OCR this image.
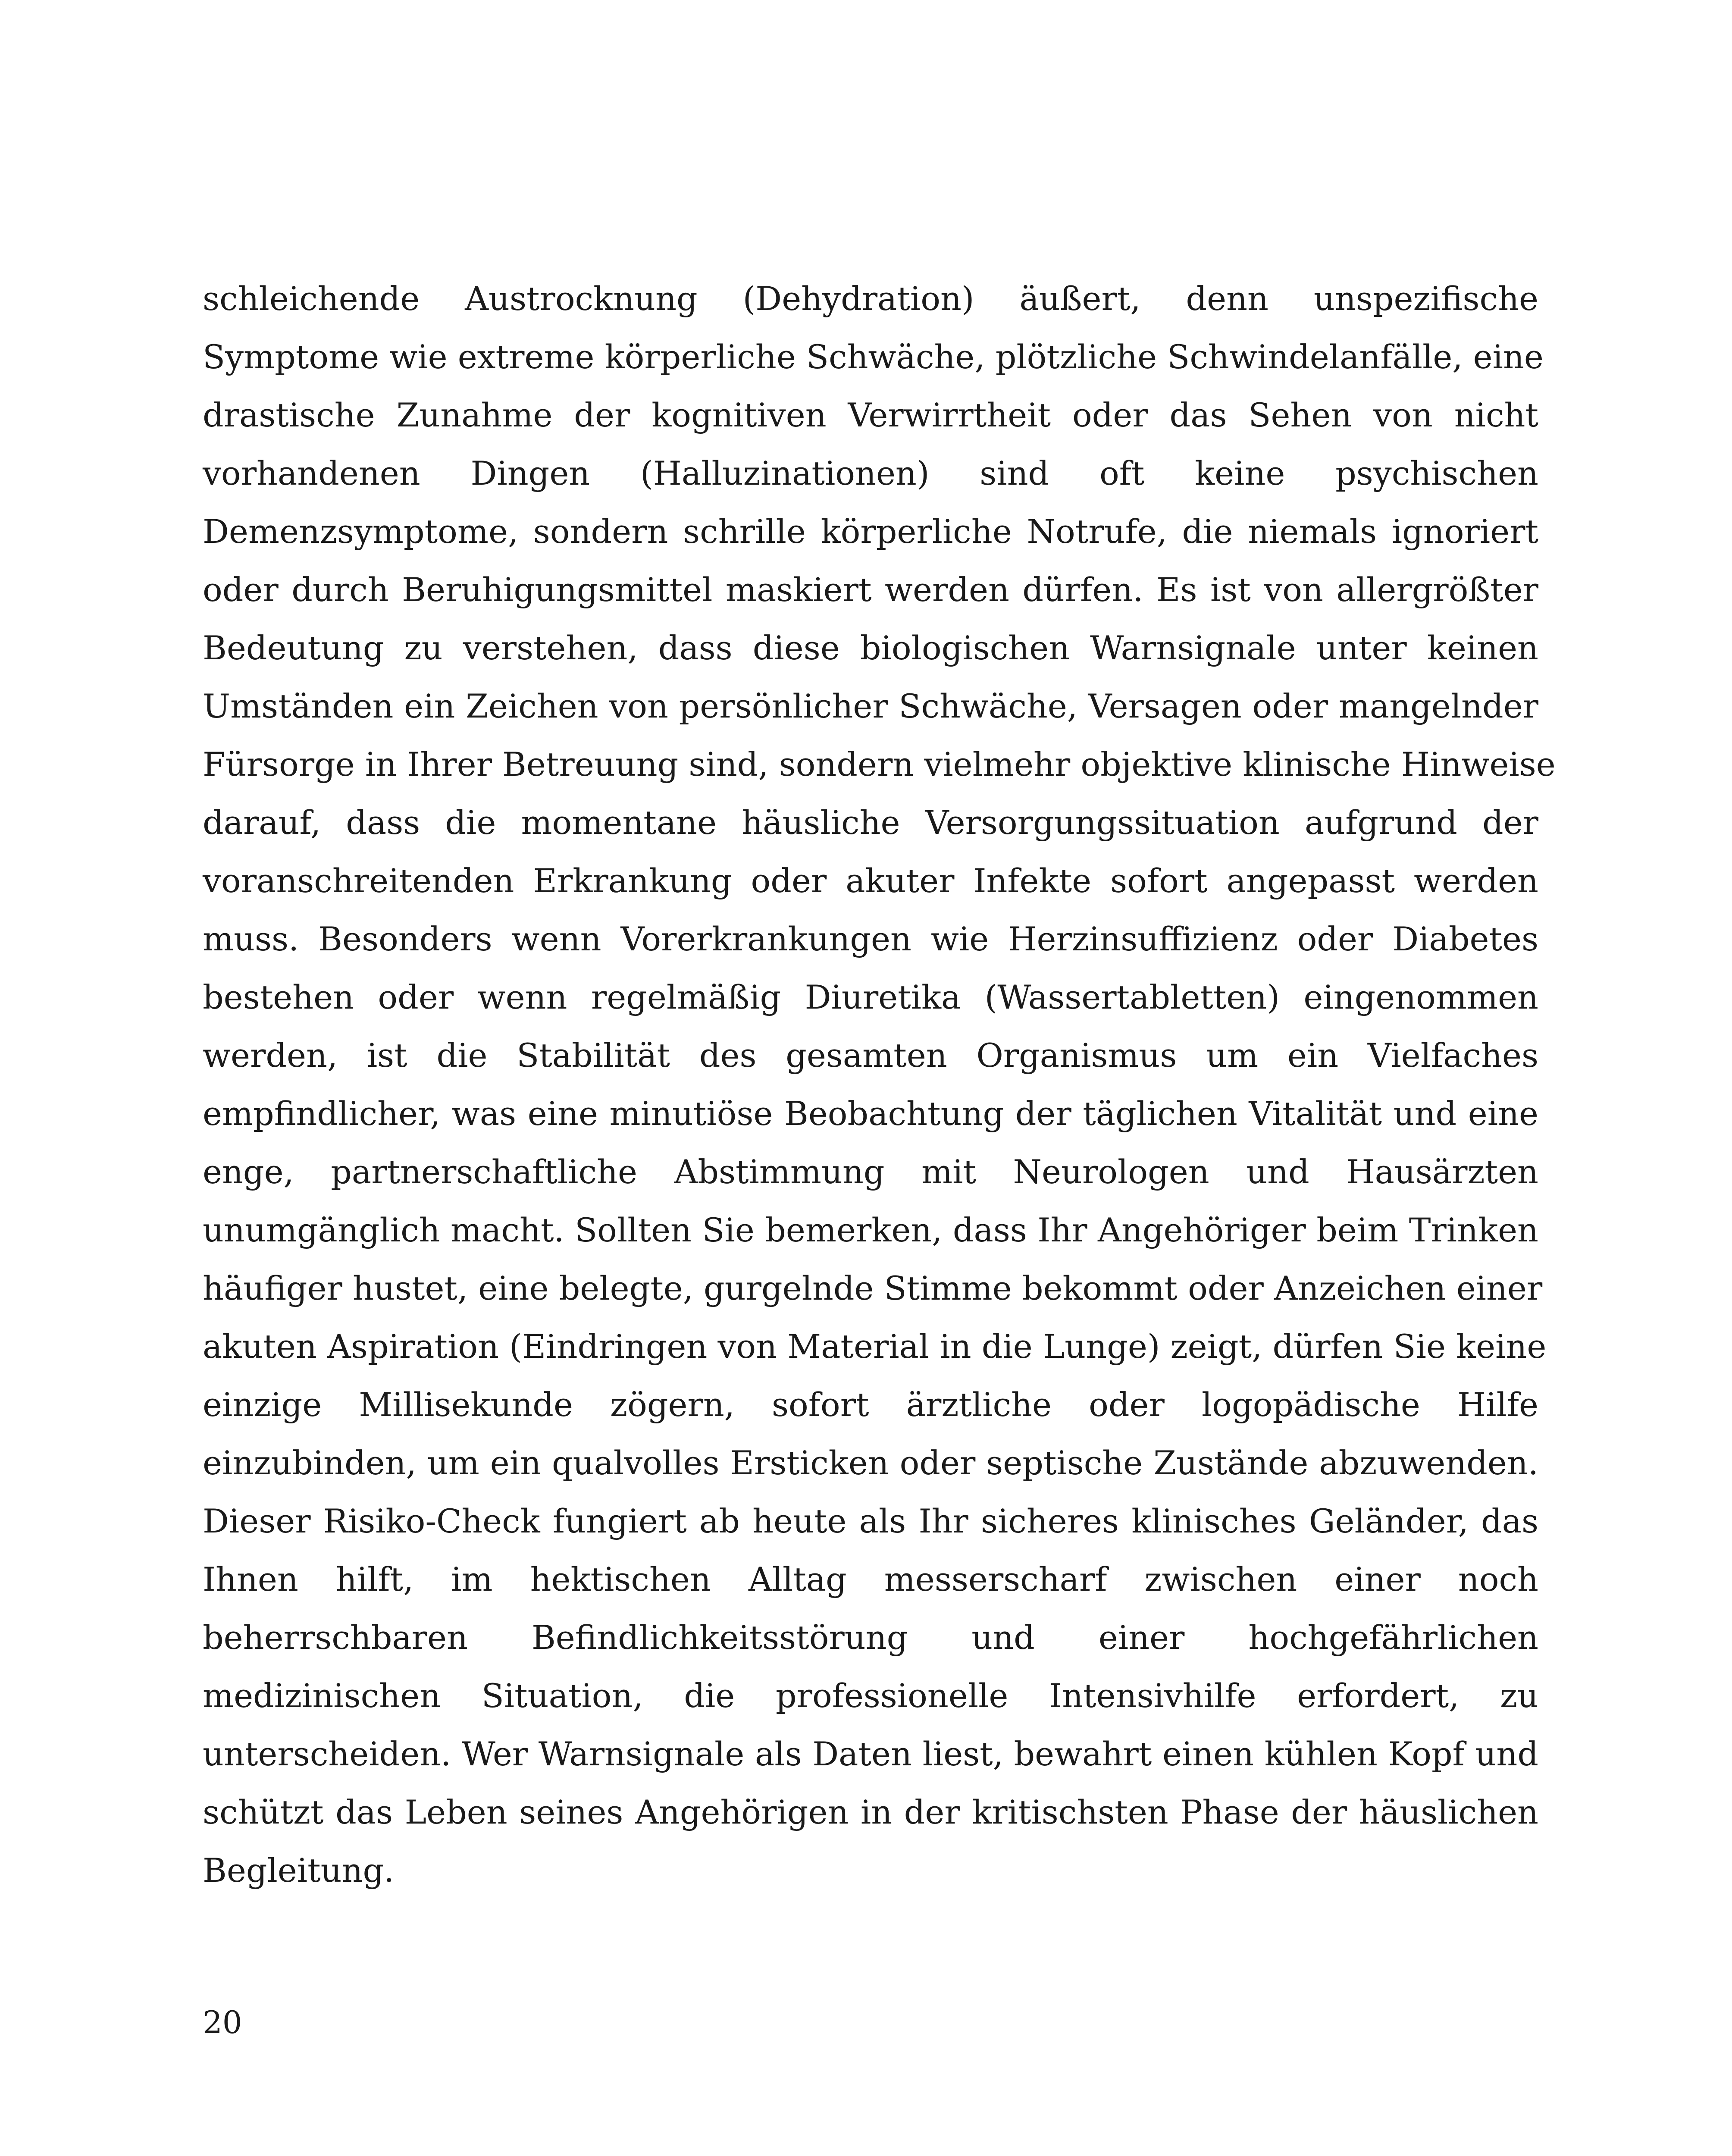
schleichende Austrocknung (Dehydration) äußert, denn unspezifische
Symptome wie extreme körperliche Schwäche, plötzliche Schwindelanfälle, eine
drastische Zunahme der kognitiven Verwirrtheit oder das Sehen von nicht
vorhandenen Dingen (Halluzinationen) sind oft keine psychischen
Demenzsymptome, sondern schrille körperliche Notrufe, die niemals ignoriert
oder durch Beruhigungsmittel maskiert werden dürfen. Es ist von allergrößter
Bedeutung zu verstehen, dass diese biologischen Warnsignale unter keinen
Umständen ein Zeichen von persönlicher Schwäche, Versagen oder mangelnder
Fürsorge in Ihrer Betreuung sind, sondern vielmehr objektive klinische Hinweise
darauf, dass die momentane häusliche Versorgungssituation aufgrund der
voranschreitenden Erkrankung oder akuter Infekte sofort angepasst werden
muss. Besonders wenn Vorerkrankungen wie Herzinsuffizienz oder Diabetes
bestehen oder wenn regelmäßig Diuretika (Wassertabletten) eingenommen
werden, ist die Stabilität des gesamten Organismus um ein Vielfaches
empfindlicher, was eine minutiöse Beobachtung der täglichen Vitalität und eine
enge, partnerschaftliche Abstimmung mit Neurologen und Hausärzten
unumgänglich macht. Sollten Sie bemerken, dass Ihr Angehöriger beim Trinken
häufiger hustet, eine belegte, gurgelnde Stimme bekommt oder Anzeichen einer
akuten Aspiration (Eindringen von Material in die Lunge) zeigt, dürfen Sie keine
einzige Millisekunde zögern, sofort ärztliche oder logopädische Hilfe
einzubinden, um ein qualvolles Ersticken oder septische Zustände abzuwenden.
Dieser Risiko-Check fungiert ab heute als Ihr sicheres klinisches Geländer, das
Ihnen hilft, im hektischen Alltag messerscharf zwischen einer noch
beherrschbaren Befindlichkeitsstörung und einer hochgefährlichen
medizinischen Situation, die professionelle Intensivhilfe erfordert, zu
unterscheiden. Wer Warnsignale als Daten liest, bewahrt einen kühlen Kopf und
schützt das Leben seines Angehörigen in der kritischsten Phase der häuslichen
Begleitung.
20
